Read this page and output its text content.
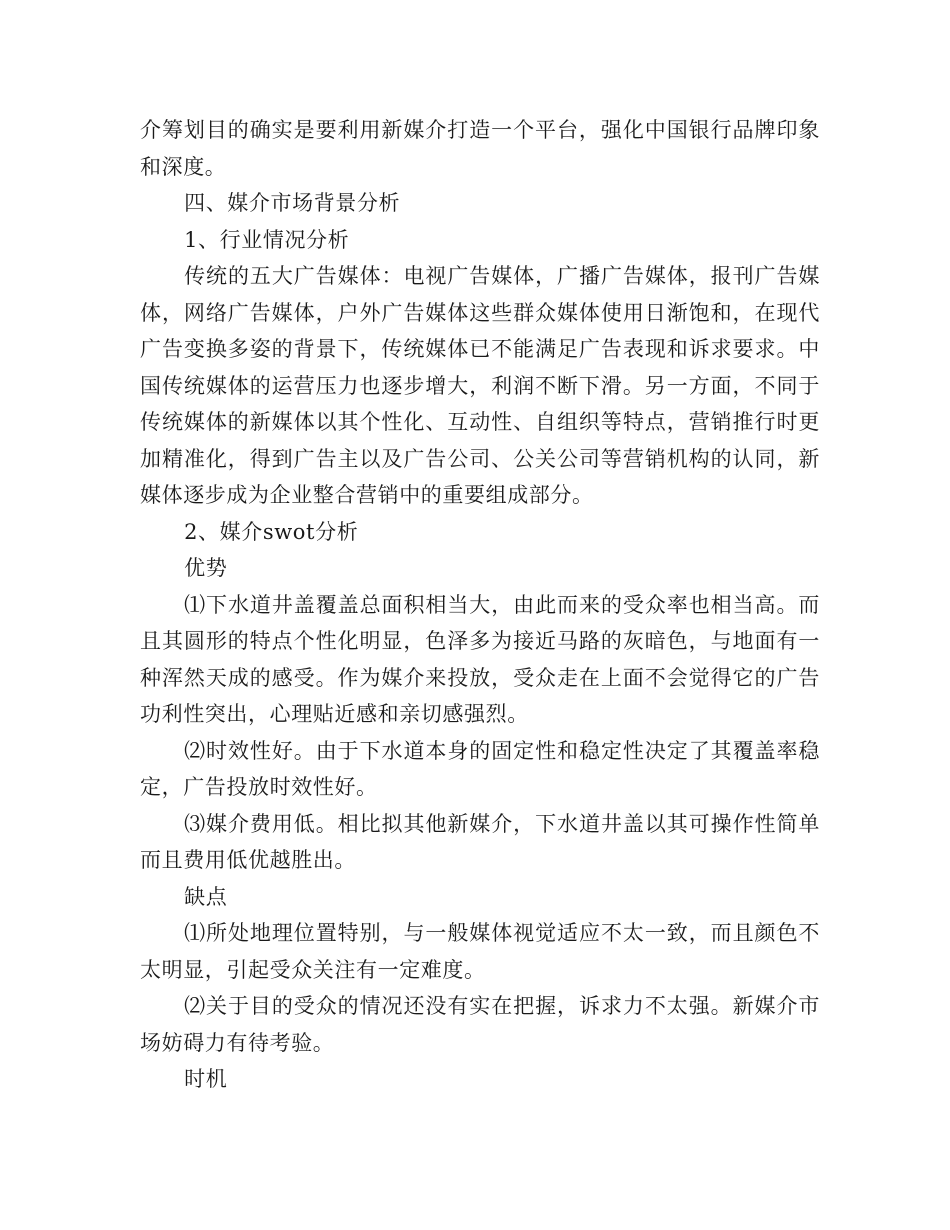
介筹划目的确实是要利用新媒介打造一个平台，强化中国银行品牌印象和深度。

四、媒介市场背景分析

1、行业情况分析

传统的五大广告媒体：电视广告媒体，广播广告媒体，报刊广告媒体，网络广告媒体，户外广告媒体这些群众媒体使用日渐饱和，在现代广告变换多姿的背景下，传统媒体已不能满足广告表现和诉求要求。中国传统媒体的运营压力也逐步增大，利润不断下滑。另一方面，不同于传统媒体的新媒体以其个性化、互动性、自组织等特点，营销推行时更加精准化，得到广告主以及广告公司、公关公司等营销机构的认同，新媒体逐步成为企业整合营销中的重要组成部分。

2、媒介swot分析

优势

⑴下水道井盖覆盖总面积相当大，由此而来的受众率也相当高。而且其圆形的特点个性化明显，色泽多为接近马路的灰暗色，与地面有一种浑然天成的感受。作为媒介来投放，受众走在上面不会觉得它的广告功利性突出，心理贴近感和亲切感强烈。

⑵时效性好。由于下水道本身的固定性和稳定性决定了其覆盖率稳定，广告投放时效性好。

⑶媒介费用低。相比拟其他新媒介，下水道井盖以其可操作性简单而且费用低优越胜出。

缺点

⑴所处地理位置特别，与一般媒体视觉适应不太一致，而且颜色不太明显，引起受众关注有一定难度。

⑵关于目的受众的情况还没有实在把握，诉求力不太强。新媒介市场妨碍力有待考验。

时机
